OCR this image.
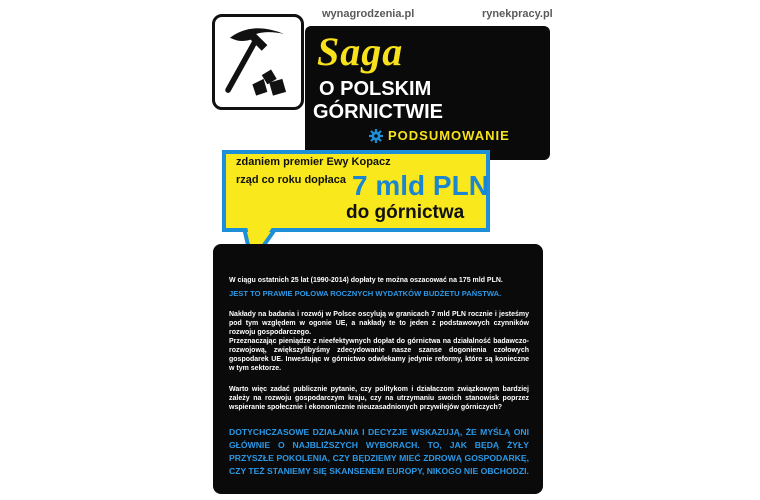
wynagrodzenia.pl	rynekpracy.pl
Saga
O POLSKIM
GÓRNICTWIE
PODSUMOWANIE
zdaniem premier Ewy Kopacz
rząd co roku dopłaca 7 mld PLN
do górnictwa
W ciągu ostatnich 25 lat (1990-2014) dopłaty te można oszacować na 175 mld PLN.
JEST TO PRAWIE POŁOWA ROCZNYCH WYDATKÓW BUDŻETU PAŃSTWA.
Nakłady na badania i rozwój w Polsce oscylują w granicach 7 mld PLN rocznie i jesteśmy pod tym względem w ogonie UE, a nakłady te to jeden z podstawowych czynników rozwoju gospodarczego.
Przeznaczając pieniądze z nieefektywnych dopłat do górnictwa na działalność badawczo-rozwojową, zwiększylibyśmy zdecydowanie nasze szanse dogonienia czołowych gospodarek UE. Inwestując w górnictwo odwlekamy jedynie reformy, które są konieczne w tym sektorze.
Warto więc zadać publicznie pytanie, czy politykom i działaczom związkowym bardziej zależy na rozwoju gospodarczym kraju, czy na utrzymaniu swoich stanowisk poprzez wspieranie społecznie i ekonomicznie nieuzasadnionych przywilejów górniczych?
DOTYCHCZASOWE DZIAŁANIA I DECYZJE WSKAZUJĄ, ŻE MYŚLĄ ONI GŁÓWNIE O NAJBLIŻSZYCH WYBORACH. TO, JAK BĘDĄ ŻYŁY PRZYSZŁE POKOLENIA, CZY BĘDZIEMY MIEĆ ZDROWĄ GOSPODARKĘ, CZY TEŻ STANIEMY SIĘ SKANSENEM EUROPY, NIKOGO NIE OBCHODZI.
